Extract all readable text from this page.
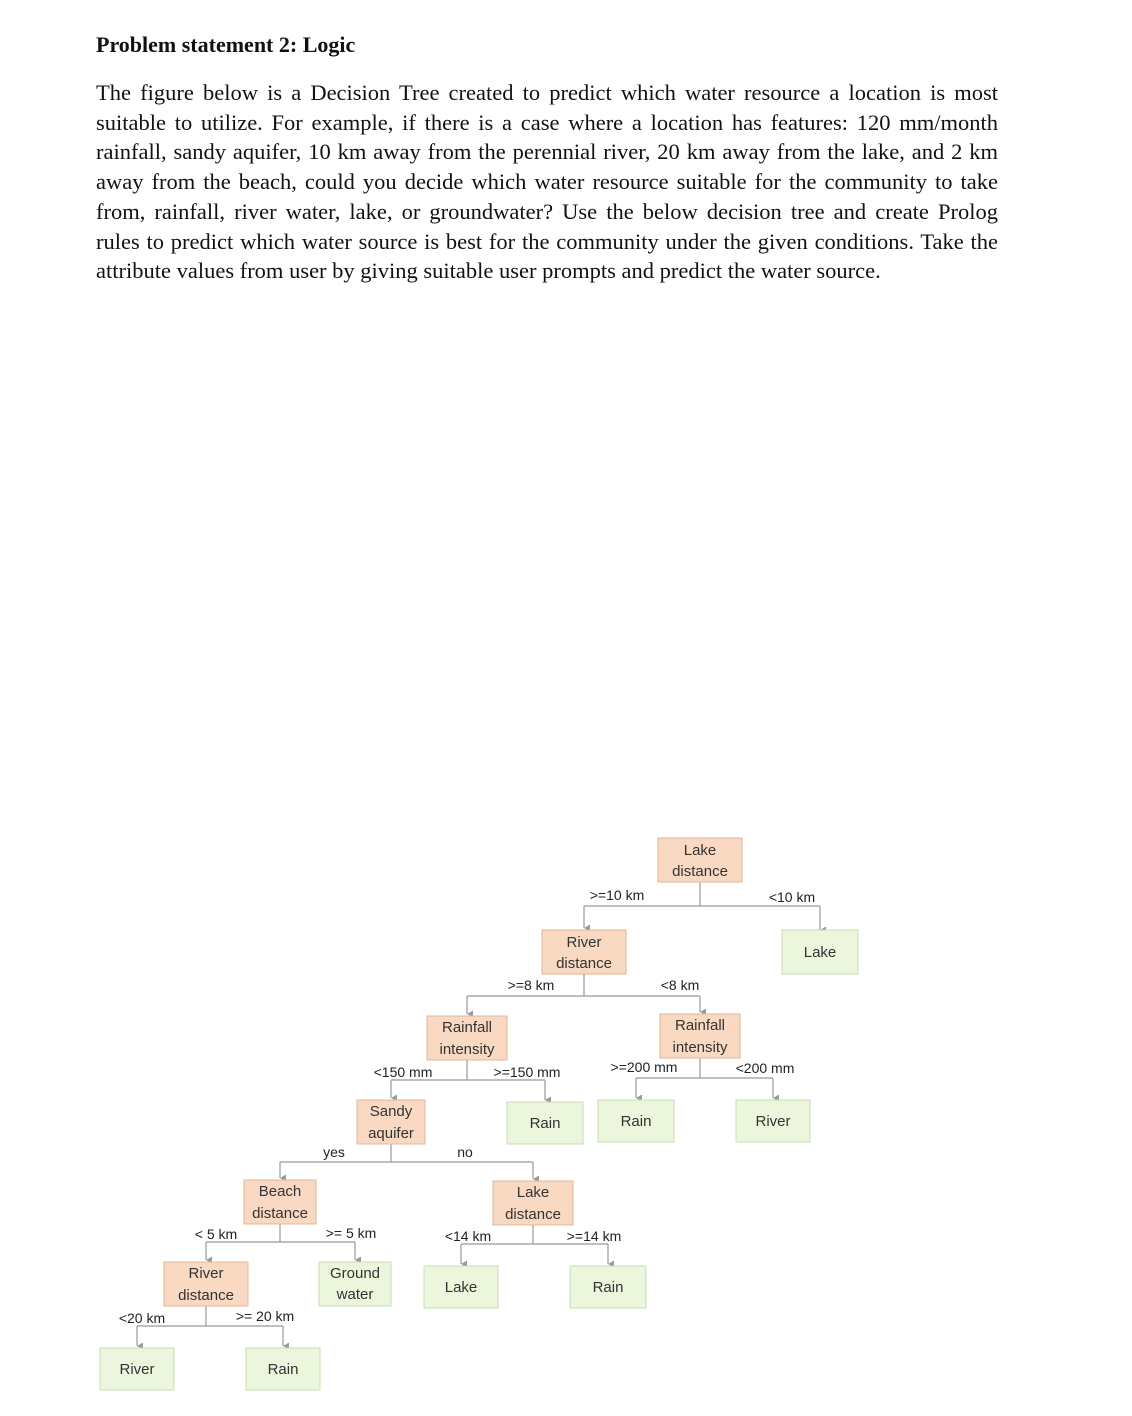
Problem statement 2: Logic

The figure below is a Decision Tree created to predict which water resource a location is most suitable to utilize. For example, if there is a case where a location has features: 120 mm/month rainfall, sandy aquifer, 10 km away from the perennial river, 20 km away from the lake, and 2 km away from the beach, could you decide which water resource suitable for the community to take from, rainfall, river water, lake, or groundwater? Use the below decision tree and create Prolog rules to predict which water source is best for the community under the given conditions. Take the attribute values from user by giving suitable user prompts and predict the water source.

>=10 km	<10 km
>=8 km	<8 km
<150 mm	>=150 mm	>=200 mm	<200 mm
yes	no
< 5 km	>= 5 km	<14 km	>=14 km
<20 km	>= 20 km
Lake
distance
Lake
River
distance
Rainfall
intensity
Rainfall
intensity
Sandy
aquifer
Rain	Rain	River
Beach
distance
Lake
distance
River
distance
Ground
water	Lake	Rain
River	Rain
